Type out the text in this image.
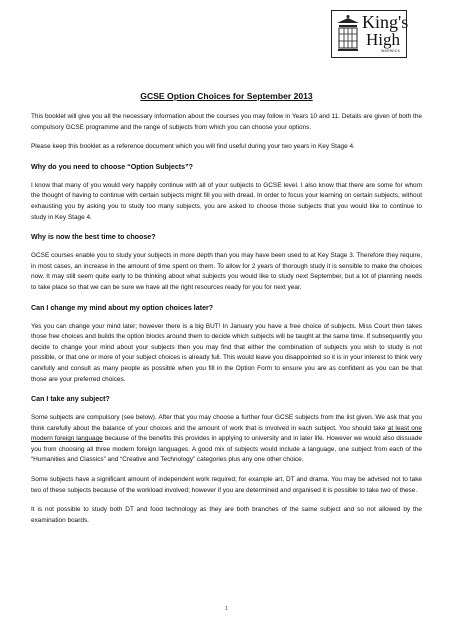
King's
High
WARWICK
GCSE Option Choices for September 2013

This booklet will give you all the necessary information about the courses you may follow in Years 10 and 11. Details are given of both the compulsory GCSE programme and the range of subjects from which you can choose your options.

Please keep this booklet as a reference document which you will find useful during your two years in Key Stage 4.

Why do you need to choose “Option Subjects”?

I know that many of you would very happily continue with all of your subjects to GCSE level. I also know that there are some for whom the thought of having to continue with certain subjects might fill you with dread. In order to focus your learning on certain subjects, without exhausting you by asking you to study too many subjects, you are asked to choose those subjects that you would like to continue to study in Key Stage 4.

Why is now the best time to choose?

GCSE courses enable you to study your subjects in more depth than you may have been used to at Key Stage 3. Therefore they require, in most cases, an increase in the amount of time spent on them. To allow for 2 years of thorough study it is sensible to make the choices now. It may still seem quite early to be thinking about what subjects you would like to study next September, but a lot of planning needs to take place so that we can be sure we have all the right resources ready for you for next year.

Can I change my mind about my option choices later?

Yes you can change your mind later; however there is a big BUT! In January you have a free choice of subjects. Miss Court then takes those free choices and builds the option blocks around them to decide which subjects will be taught at the same time. If subsequently you decide to change your mind about your subjects then you may find that either the combination of subjects you wish to study is not possible, or that one or more of your subject choices is already full. This would leave you disappointed so it is in your interest to think very carefully and consult as many people as possible when you fill in the Option Form to ensure you are as confident as you can be that those are your preferred choices.

Can I take any subject?

Some subjects are compulsory (see below). After that you may choose a further four GCSE subjects from the list given. We ask that you think carefully about the balance of your choices and the amount of work that is involved in each subject. You should take at least one modern foreign language because of the benefits this provides in applying to university and in later life. However we would also dissuade you from choosing all three modern foreign languages. A good mix of subjects would include a language, one subject from each of the “Humanities and Classics” and “Creative and Technology” categories plus any one other choice.

Some subjects have a significant amount of independent work required; for example art, DT and drama. You may be advised not to take two of these subjects because of the workload involved; however if you are determined and organised it is possible to take two of these.

It is not possible to study both DT and food technology as they are both branches of the same subject and so not allowed by the examination boards.

1
